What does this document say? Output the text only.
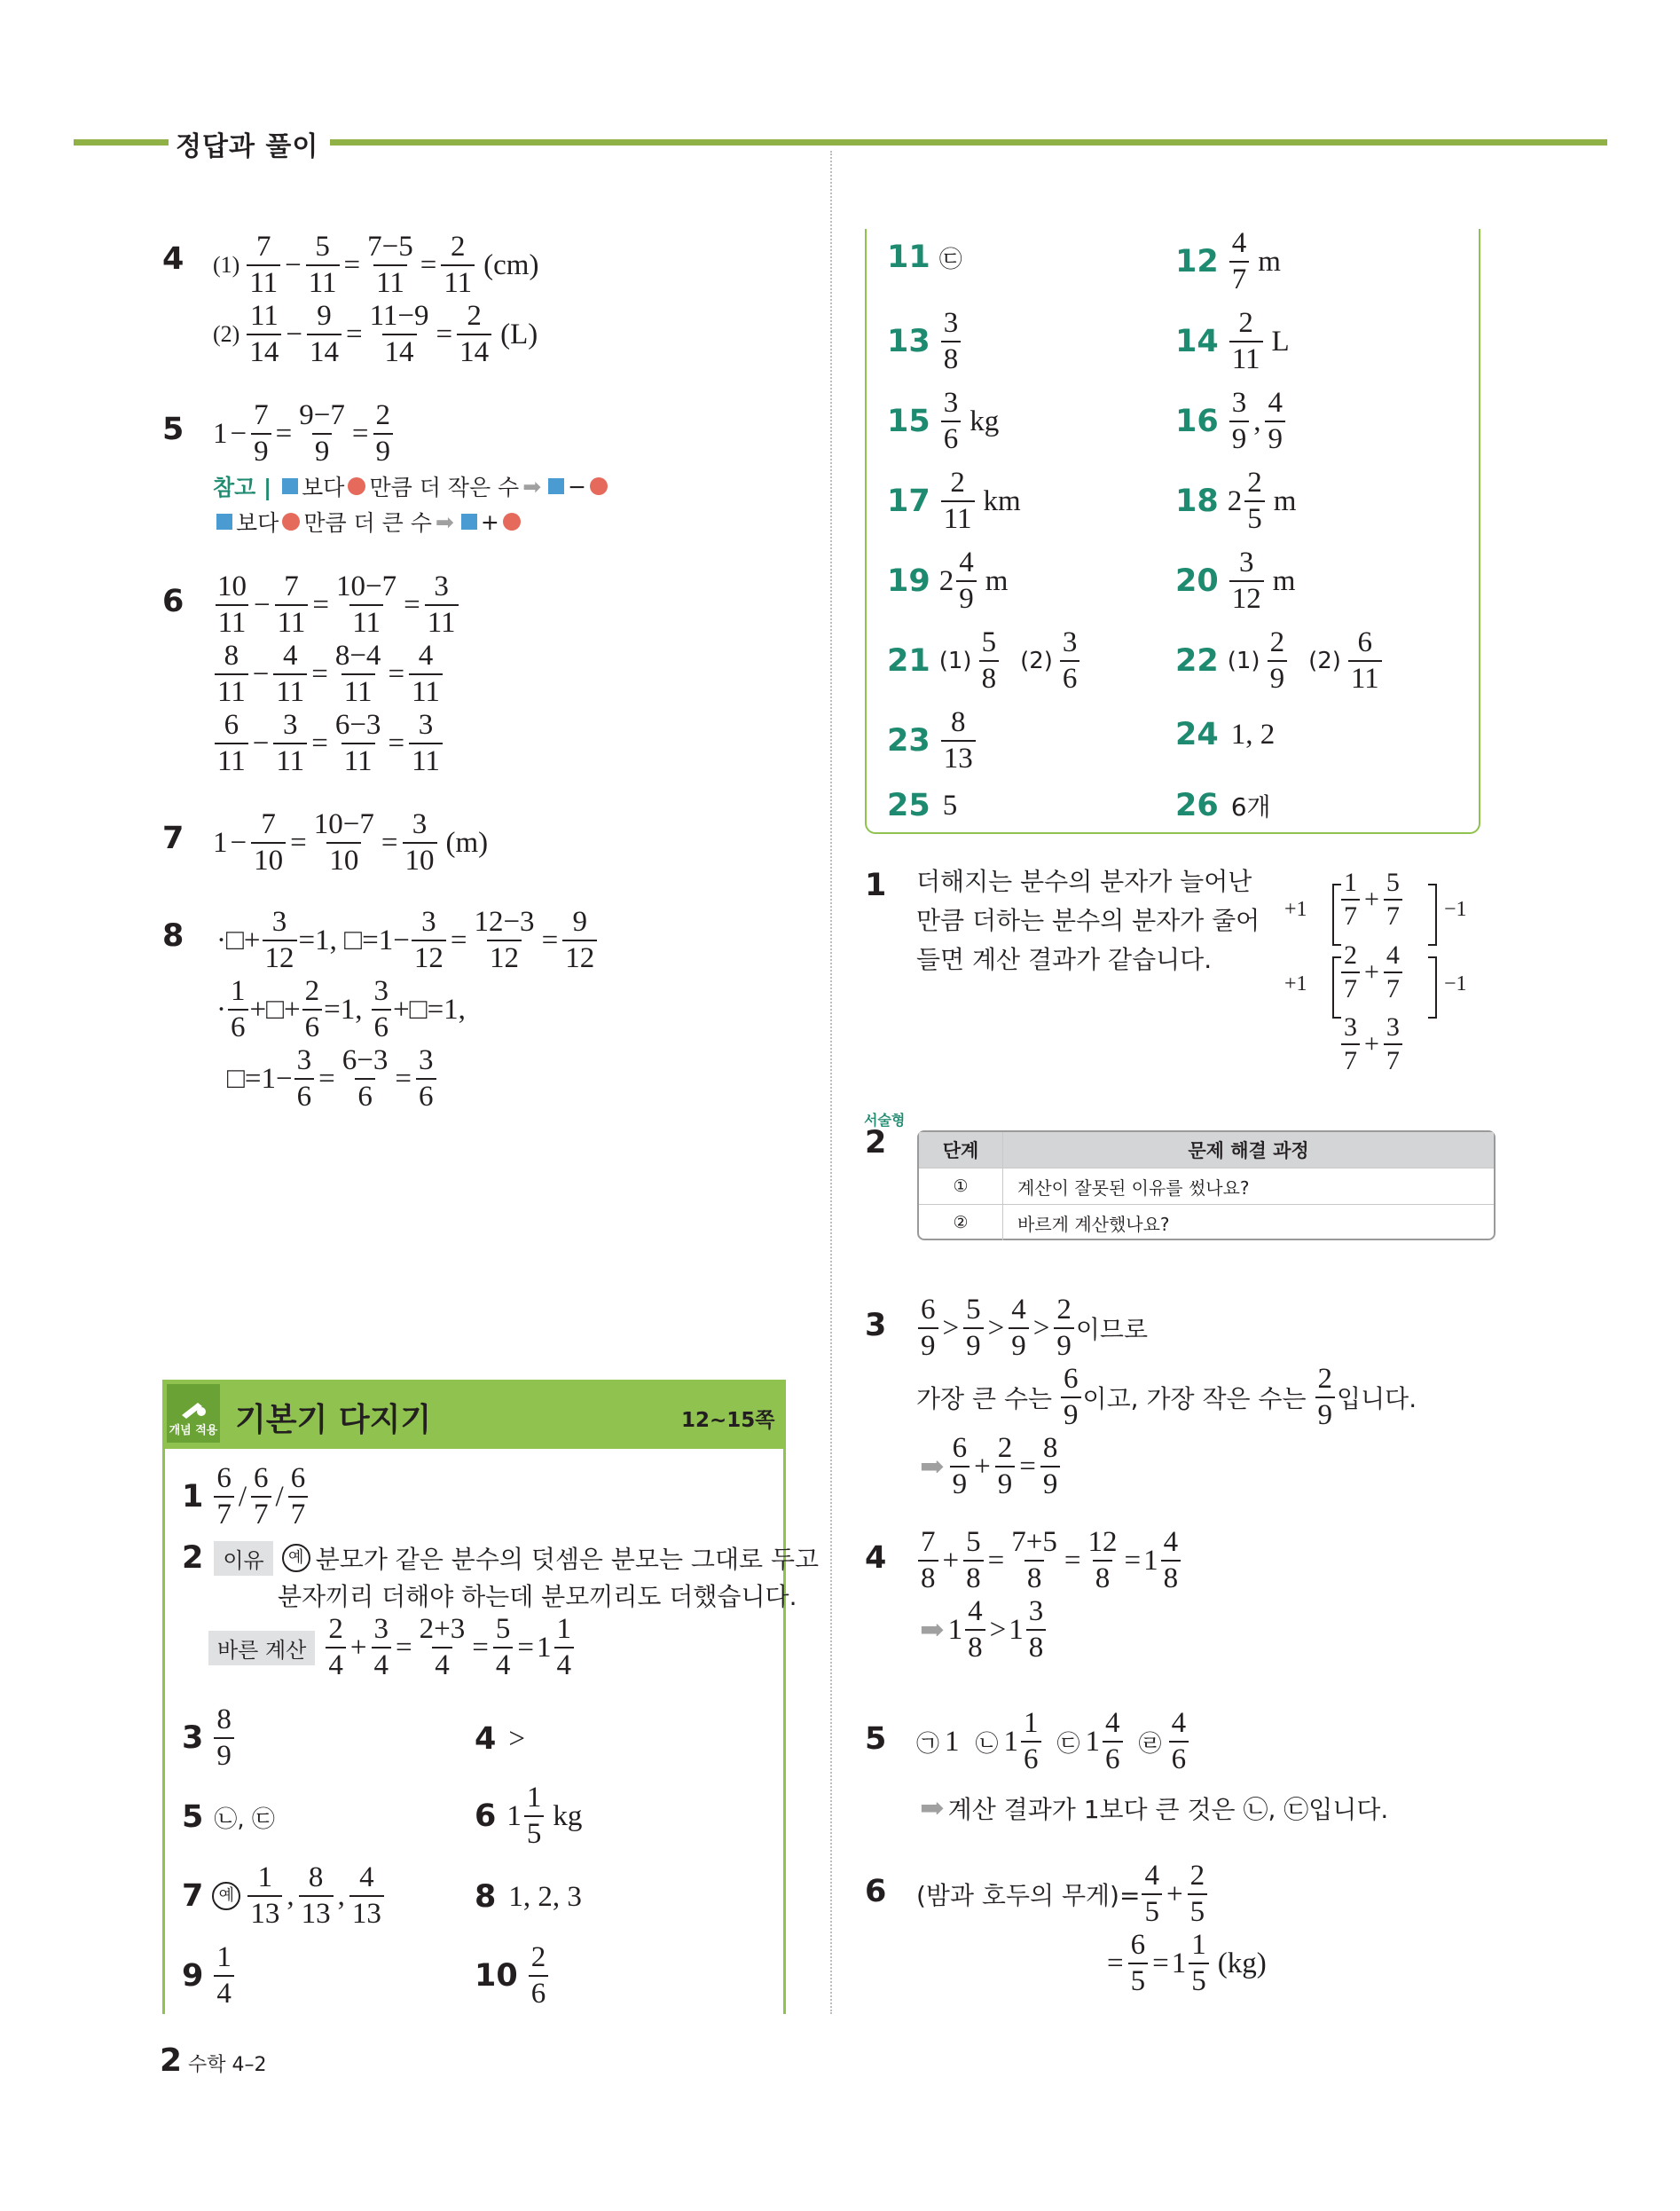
정답과 풀이
4 $(1) \frac{7}{11} - \frac{5}{11} = \frac{7-5}{11} = \frac{2}{11} (cm)$
$(2) \frac{11}{14} - \frac{9}{14} = \frac{11-9}{14} = \frac{2}{14} (L)$
5 $1 - \frac{7}{9} = \frac{9-7}{9} = \frac{2}{9}$
참고 | 보다 만큼 더 작은 수 ➡ −
보다 만큼 더 큰 수 ➡ +
$6 \frac{10}{11} - \frac{7}{11} = \frac{10-7}{11} = \frac{3}{11}$
$\frac{8}{11} - \frac{4}{11} = \frac{8-4}{11} = \frac{4}{11}$
$\frac{6}{11} - \frac{3}{11} = \frac{6-3}{11} = \frac{3}{11}$
7 $1 - \frac{7}{10} = \frac{10-7}{10} = \frac{3}{10} (m)$
8 ·□+ $\frac{3}{12} =1$, □=1− $\frac{3}{12} = \frac{12-3}{12} = \frac{9}{12}$
· $\frac{1}{6}$ +□+ $\frac{2}{6} =1$, $\frac{3}{6}$ +□=1,
□=1− $\frac{3}{6} = \frac{6-3}{6} = \frac{3}{6}$
개념 적용 기본기 다지기	12~15쪽
$1 \frac{6}{7} / \frac{6}{7} / \frac{6}{7}$
2 이유	예 분모가 같은 분수의 덧셈은 분모는 그대로 두고
분자끼리 더해야 하는데 분모끼리도 더했습니다.
바른 계산 $\frac{2}{4} + \frac{3}{4} = \frac{2+3}{4} = \frac{5}{4} = 1 \frac{1}{4}$
$3 \frac{8}{9}$	4 >
5 ㉡, ㉢	6 $1 \frac{1}{5}$ kg
7 예 $\frac{1}{13}$ , $\frac{8}{13}$ , $\frac{4}{13}$	8 1, 2, 3
$9 \frac{1}{4}$	$10 \frac{2}{6}$
2 수학 4–2
11 ㉢	$12 \frac{4}{7}$ m
$13 \frac{3}{8}$	$14 \frac{2}{11}$ L
$15 \frac{3}{6}$ kg	$16 \frac{3}{9}$ , $\frac{4}{9}$
$17 \frac{2}{11}$ km	18 $2 \frac{2}{5}$ m
19 $2 \frac{4}{9}$ m	$20 \frac{3}{12}$ m
21 $(1) \frac{5}{8} (2) \frac{3}{6}$	22 $(1) \frac{2}{9} (2) \frac{6}{11}$
$23 \frac{8}{13}$	24 1, 2
25 5	26 6개
1 더해지는 분수의 분자가 늘어난
만큼 더하는 분수의 분자가 줄어
들면 계산 결과가 같습니다.
+1
+1
−1
−1
$\frac{1}{7} + \frac{5}{7}$
$\frac{2}{7} + \frac{4}{7}$
$\frac{3}{7} + \frac{3}{7}$
서술형
2	단계	문제 해결 과정
①	계산이 잘못된 이유를 썼나요?
②	바르게 계산했나요?
$3 \frac{6}{9} > \frac{5}{9} > \frac{4}{9} > \frac{2}{9}$ 이므로
가장 큰 수는 $\frac{6}{9}$ 이고, 가장 작은 수는 $\frac{2}{9}$ 입니다.
➡ $\frac{6}{9} + \frac{2}{9} = \frac{8}{9}$
$4 \frac{7}{8} + \frac{5}{8} = \frac{7+5}{8} = \frac{12}{8} = 1 \frac{4}{8}$
➡ $1 \frac{4}{8} > 1 \frac{3}{8}$
5 ㉠ 1 ㉡ $1 \frac{1}{6}$ ㉢ $1 \frac{4}{6}$ ㉣ $\frac{4}{6}$
➡ 계산 결과가 1보다 큰 것은 ㉡, ㉢입니다.
6 (밤과 호두의 무게)= $\frac{4}{5} + \frac{2}{5}$
= $\frac{6}{5} = 1 \frac{1}{5} (kg)$
